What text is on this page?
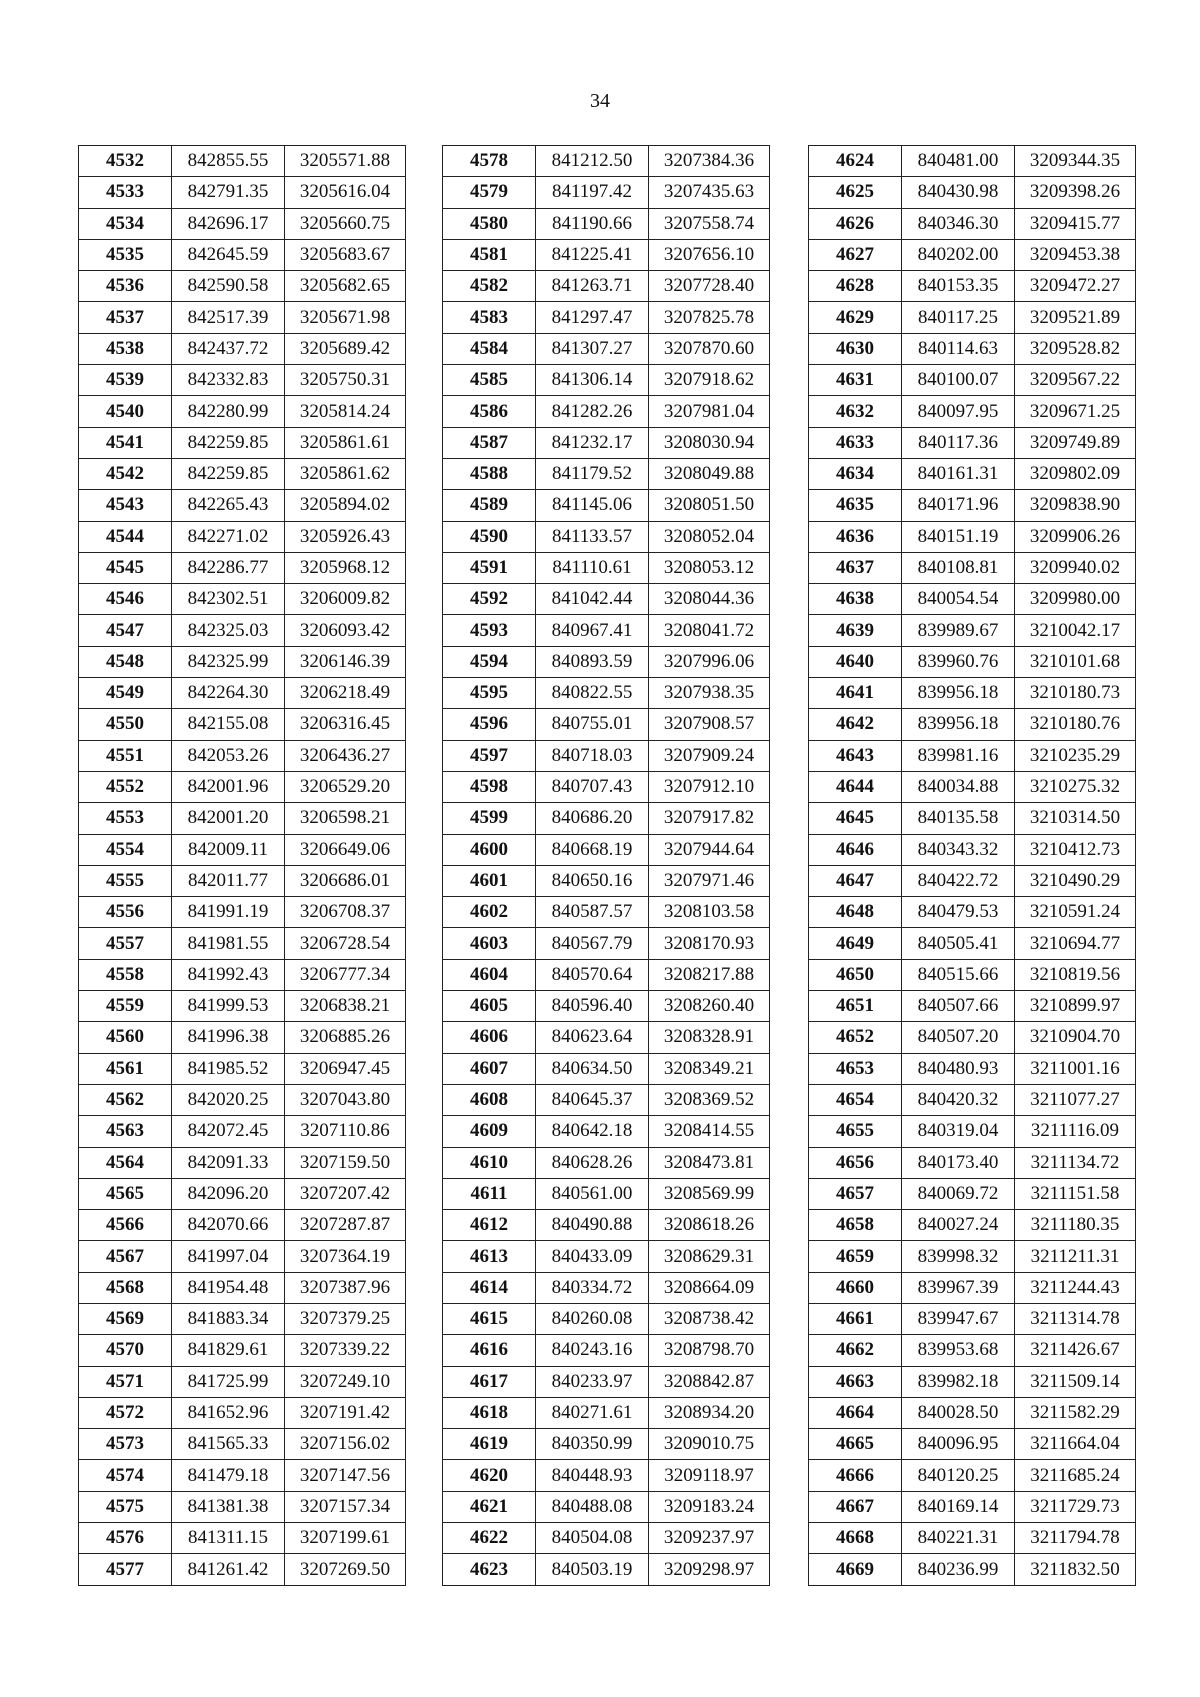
34
4532	842855.55	3205571.88
4533	842791.35	3205616.04
4534	842696.17	3205660.75
4535	842645.59	3205683.67
4536	842590.58	3205682.65
4537	842517.39	3205671.98
4538	842437.72	3205689.42
4539	842332.83	3205750.31
4540	842280.99	3205814.24
4541	842259.85	3205861.61
4542	842259.85	3205861.62
4543	842265.43	3205894.02
4544	842271.02	3205926.43
4545	842286.77	3205968.12
4546	842302.51	3206009.82
4547	842325.03	3206093.42
4548	842325.99	3206146.39
4549	842264.30	3206218.49
4550	842155.08	3206316.45
4551	842053.26	3206436.27
4552	842001.96	3206529.20
4553	842001.20	3206598.21
4554	842009.11	3206649.06
4555	842011.77	3206686.01
4556	841991.19	3206708.37
4557	841981.55	3206728.54
4558	841992.43	3206777.34
4559	841999.53	3206838.21
4560	841996.38	3206885.26
4561	841985.52	3206947.45
4562	842020.25	3207043.80
4563	842072.45	3207110.86
4564	842091.33	3207159.50
4565	842096.20	3207207.42
4566	842070.66	3207287.87
4567	841997.04	3207364.19
4568	841954.48	3207387.96
4569	841883.34	3207379.25
4570	841829.61	3207339.22
4571	841725.99	3207249.10
4572	841652.96	3207191.42
4573	841565.33	3207156.02
4574	841479.18	3207147.56
4575	841381.38	3207157.34
4576	841311.15	3207199.61
4577	841261.42	3207269.50
4578	841212.50	3207384.36
4579	841197.42	3207435.63
4580	841190.66	3207558.74
4581	841225.41	3207656.10
4582	841263.71	3207728.40
4583	841297.47	3207825.78
4584	841307.27	3207870.60
4585	841306.14	3207918.62
4586	841282.26	3207981.04
4587	841232.17	3208030.94
4588	841179.52	3208049.88
4589	841145.06	3208051.50
4590	841133.57	3208052.04
4591	841110.61	3208053.12
4592	841042.44	3208044.36
4593	840967.41	3208041.72
4594	840893.59	3207996.06
4595	840822.55	3207938.35
4596	840755.01	3207908.57
4597	840718.03	3207909.24
4598	840707.43	3207912.10
4599	840686.20	3207917.82
4600	840668.19	3207944.64
4601	840650.16	3207971.46
4602	840587.57	3208103.58
4603	840567.79	3208170.93
4604	840570.64	3208217.88
4605	840596.40	3208260.40
4606	840623.64	3208328.91
4607	840634.50	3208349.21
4608	840645.37	3208369.52
4609	840642.18	3208414.55
4610	840628.26	3208473.81
4611	840561.00	3208569.99
4612	840490.88	3208618.26
4613	840433.09	3208629.31
4614	840334.72	3208664.09
4615	840260.08	3208738.42
4616	840243.16	3208798.70
4617	840233.97	3208842.87
4618	840271.61	3208934.20
4619	840350.99	3209010.75
4620	840448.93	3209118.97
4621	840488.08	3209183.24
4622	840504.08	3209237.97
4623	840503.19	3209298.97
4624	840481.00	3209344.35
4625	840430.98	3209398.26
4626	840346.30	3209415.77
4627	840202.00	3209453.38
4628	840153.35	3209472.27
4629	840117.25	3209521.89
4630	840114.63	3209528.82
4631	840100.07	3209567.22
4632	840097.95	3209671.25
4633	840117.36	3209749.89
4634	840161.31	3209802.09
4635	840171.96	3209838.90
4636	840151.19	3209906.26
4637	840108.81	3209940.02
4638	840054.54	3209980.00
4639	839989.67	3210042.17
4640	839960.76	3210101.68
4641	839956.18	3210180.73
4642	839956.18	3210180.76
4643	839981.16	3210235.29
4644	840034.88	3210275.32
4645	840135.58	3210314.50
4646	840343.32	3210412.73
4647	840422.72	3210490.29
4648	840479.53	3210591.24
4649	840505.41	3210694.77
4650	840515.66	3210819.56
4651	840507.66	3210899.97
4652	840507.20	3210904.70
4653	840480.93	3211001.16
4654	840420.32	3211077.27
4655	840319.04	3211116.09
4656	840173.40	3211134.72
4657	840069.72	3211151.58
4658	840027.24	3211180.35
4659	839998.32	3211211.31
4660	839967.39	3211244.43
4661	839947.67	3211314.78
4662	839953.68	3211426.67
4663	839982.18	3211509.14
4664	840028.50	3211582.29
4665	840096.95	3211664.04
4666	840120.25	3211685.24
4667	840169.14	3211729.73
4668	840221.31	3211794.78
4669	840236.99	3211832.50
